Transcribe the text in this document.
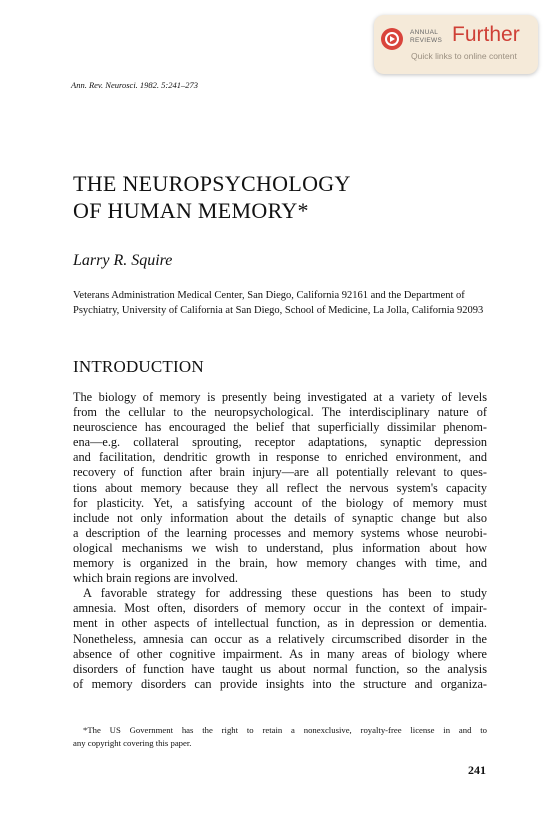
ANNUAL
REVIEWS Further
Quick links to online content
Ann. Rev. Neurosci. 1982. 5:241–273
THE NEUROPSYCHOLOGY
OF HUMAN MEMORY*
Larry R. Squire

Veterans Administration Medical Center, San Diego, California 92161 and the Department of Psychiatry, University of California at San Diego, School of Medicine, La Jolla, California 92093

INTRODUCTION
The biology of memory is presently being investigated at a variety of levels
from the cellular to the neuropsychological. The interdisciplinary nature of
neuroscience has encouraged the belief that superficially dissimilar phenom-
ena—e.g. collateral sprouting, receptor adaptations, synaptic depression
and facilitation, dendritic growth in response to enriched environment, and
recovery of function after brain injury—are all potentially relevant to ques-
tions about memory because they all reflect the nervous system's capacity
for plasticity. Yet, a satisfying account of the biology of memory must
include not only information about the details of synaptic change but also
a description of the learning processes and memory systems whose neurobi-
ological mechanisms we wish to understand, plus information about how
memory is organized in the brain, how memory changes with time, and
which brain regions are involved.
A favorable strategy for addressing these questions has been to study
amnesia. Most often, disorders of memory occur in the context of impair-
ment in other aspects of intellectual function, as in depression or dementia.
Nonetheless, amnesia can occur as a relatively circumscribed disorder in the
absence of other cognitive impairment. As in many areas of biology where
disorders of function have taught us about normal function, so the analysis
of memory disorders can provide insights into the structure and organiza-

*The US Government has the right to retain a nonexclusive, royalty-free license in and to
any copyright covering this paper.

241
